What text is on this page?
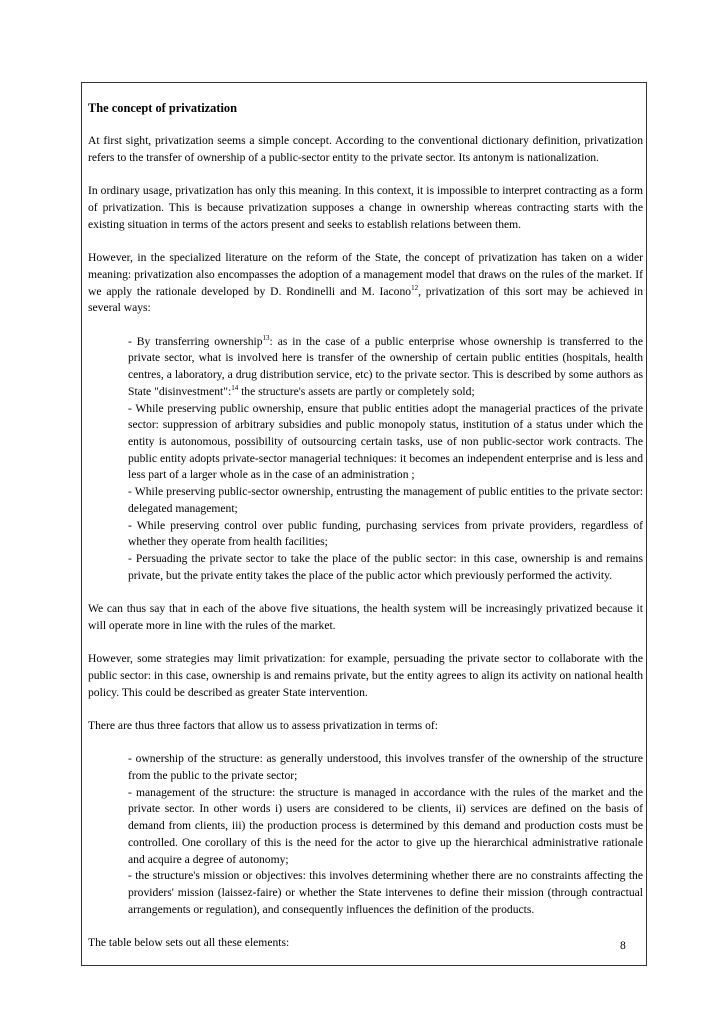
The concept of privatization

At first sight, privatization seems a simple concept. According to the conventional dictionary definition, privatization refers to the transfer of ownership of a public-sector entity to the private sector. Its antonym is nationalization.

In ordinary usage, privatization has only this meaning. In this context, it is impossible to interpret contracting as a form of privatization. This is because privatization supposes a change in ownership whereas contracting starts with the existing situation in terms of the actors present and seeks to establish relations between them.

However, in the specialized literature on the reform of the State, the concept of privatization has taken on a wider meaning: privatization also encompasses the adoption of a management model that draws on the rules of the market. If we apply the rationale developed by D. Rondinelli and M. Iacono$^{12}$, privatization of this sort may be achieved in several ways:

- By transferring ownership$^{13}$: as in the case of a public enterprise whose ownership is transferred to the private sector, what is involved here is transfer of the ownership of certain public entities (hospitals, health centres, a laboratory, a drug distribution service, etc) to the private sector. This is described by some authors as State "disinvestment":$^{14}$ the structure's assets are partly or completely sold;

- While preserving public ownership, ensure that public entities adopt the managerial practices of the private sector: suppression of arbitrary subsidies and public monopoly status, institution of a status under which the entity is autonomous, possibility of outsourcing certain tasks, use of non public-sector work contracts. The public entity adopts private-sector managerial techniques: it becomes an independent enterprise and is less and less part of a larger whole as in the case of an administration ;

- While preserving public-sector ownership, entrusting the management of public entities to the private sector: delegated management;

- While preserving control over public funding, purchasing services from private providers, regardless of whether they operate from health facilities;

- Persuading the private sector to take the place of the public sector: in this case, ownership is and remains private, but the private entity takes the place of the public actor which previously performed the activity.

We can thus say that in each of the above five situations, the health system will be increasingly privatized because it will operate more in line with the rules of the market.

However, some strategies may limit privatization: for example, persuading the private sector to collaborate with the public sector: in this case, ownership is and remains private, but the entity agrees to align its activity on national health policy. This could be described as greater State intervention.

There are thus three factors that allow us to assess privatization in terms of:

- ownership of the structure: as generally understood, this involves transfer of the ownership of the structure from the public to the private sector;

- management of the structure: the structure is managed in accordance with the rules of the market and the private sector. In other words i) users are considered to be clients, ii) services are defined on the basis of demand from clients, iii) the production process is determined by this demand and production costs must be controlled. One corollary of this is the need for the actor to give up the hierarchical administrative rationale and acquire a degree of autonomy;

- the structure's mission or objectives: this involves determining whether there are no constraints affecting the providers' mission (laissez-faire) or whether the State intervenes to define their mission (through contractual arrangements or regulation), and consequently influences the definition of the products.

The table below sets out all these elements:	8
